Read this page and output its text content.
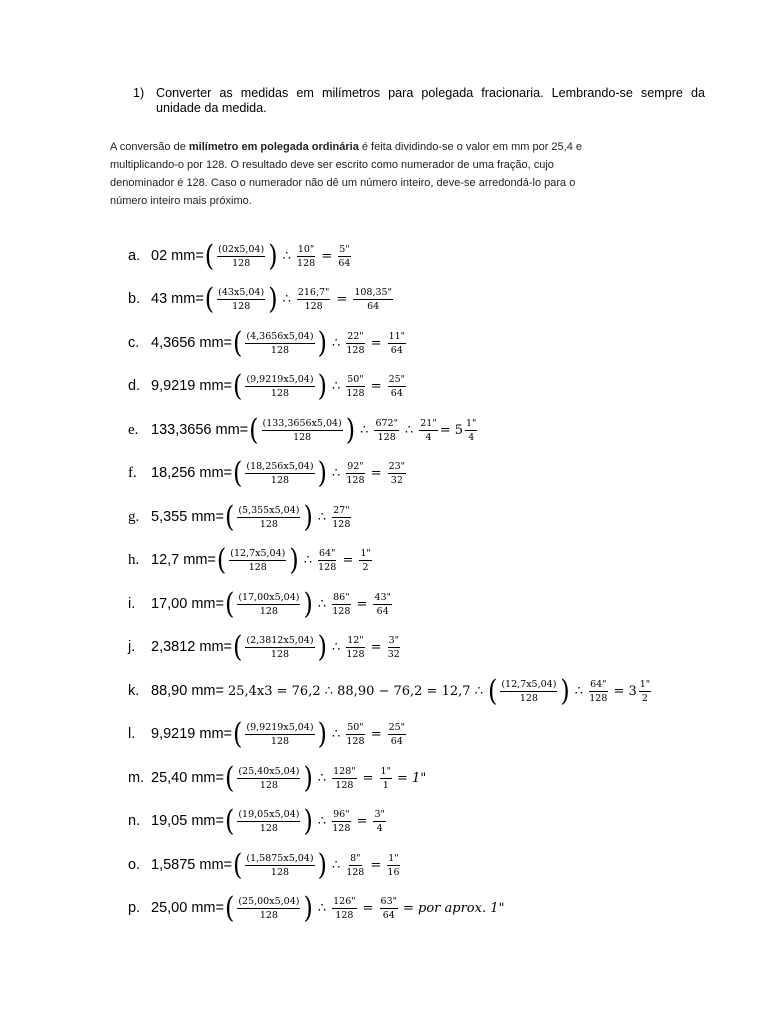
1) Converter as medidas em milímetros para polegada fracionaria. Lembrando-se sempre da unidade da medida.
A conversão de milímetro em polegada ordinária é feita dividindo-se o valor em mm por 25,4 e multiplicando-o por 128. O resultado deve ser escrito como numerador de uma fração, cujo denominador é 128. Caso o numerador não dê um número inteiro, deve-se arredondá-lo para o número inteiro mais próximo.
a. 02 mm= ( $\frac{(02x5,04)}{128}$ ) ∴ $\frac{10"}{128} = \frac{5"}{64}$
b. 43 mm= ( $\frac{(43x5,04)}{128}$ ) ∴ $\frac{216,7"}{128} = \frac{108,35"}{64}$
c. 4,3656 mm= ( $\frac{(4,3656x5,04)}{128}$ ) ∴ $\frac{22"}{128} = \frac{11"}{64}$
d. 9,9219 mm= ( $\frac{(9,9219x5,04)}{128}$ ) ∴ $\frac{50"}{128} = \frac{25"}{64}$
e. 133,3656 mm= ( $\frac{(133,3656x5,04)}{128}$ ) ∴ $\frac{672"}{128}$ ∴ $\frac{21"}{4} = 5 \frac{1"}{4}$
f. 18,256 mm= ( $\frac{(18,256x5,04)}{128}$ ) ∴ $\frac{92"}{128} = \frac{23"}{32}$
g. 5,355 mm= ( $\frac{(5,355x5,04)}{128}$ ) ∴ $\frac{27"}{128}$
h. 12,7 mm= ( $\frac{(12,7x5,04)}{128}$ ) ∴ $\frac{64"}{128} = \frac{1"}{2}$
i.	17,00 mm= ( $\frac{(17,00x5,04)}{128}$ ) ∴ $\frac{86"}{128} = \frac{43"}{64}$
j.	2,3812 mm= ( $\frac{(2,3812x5,04)}{128}$ ) ∴ $\frac{12"}{128} = \frac{3"}{32}$
k. 88,90 mm= 25,4x3 = 76,2 ∴ 88,90 − 76,2 = 12,7 ∴ ( $\frac{(12,7x5,04)}{128}$ ) ∴ $\frac{64"}{128} = 3 \frac{1"}{2}$
l.	9,9219 mm= ( $\frac{(9,9219x5,04)}{128}$ ) ∴ $\frac{50"}{128} = \frac{25"}{64}$
m. 25,40 mm= ( $\frac{(25,40x5,04)}{128}$ ) ∴ $\frac{128"}{128} = \frac{1"}{1} = 1$"
n. 19,05 mm= ( $\frac{(19,05x5,04)}{128}$ ) ∴ $\frac{96"}{128} = \frac{3"}{4}$
o. 1,5875 mm= ( $\frac{(1,5875x5,04)}{128}$ ) ∴ $\frac{8"}{128} = \frac{1"}{16}$
p. 25,00 mm= ( $\frac{(25,00x5,04)}{128}$ ) ∴ $\frac{126"}{128} = \frac{63"}{64}$ = por aprox. 1"
